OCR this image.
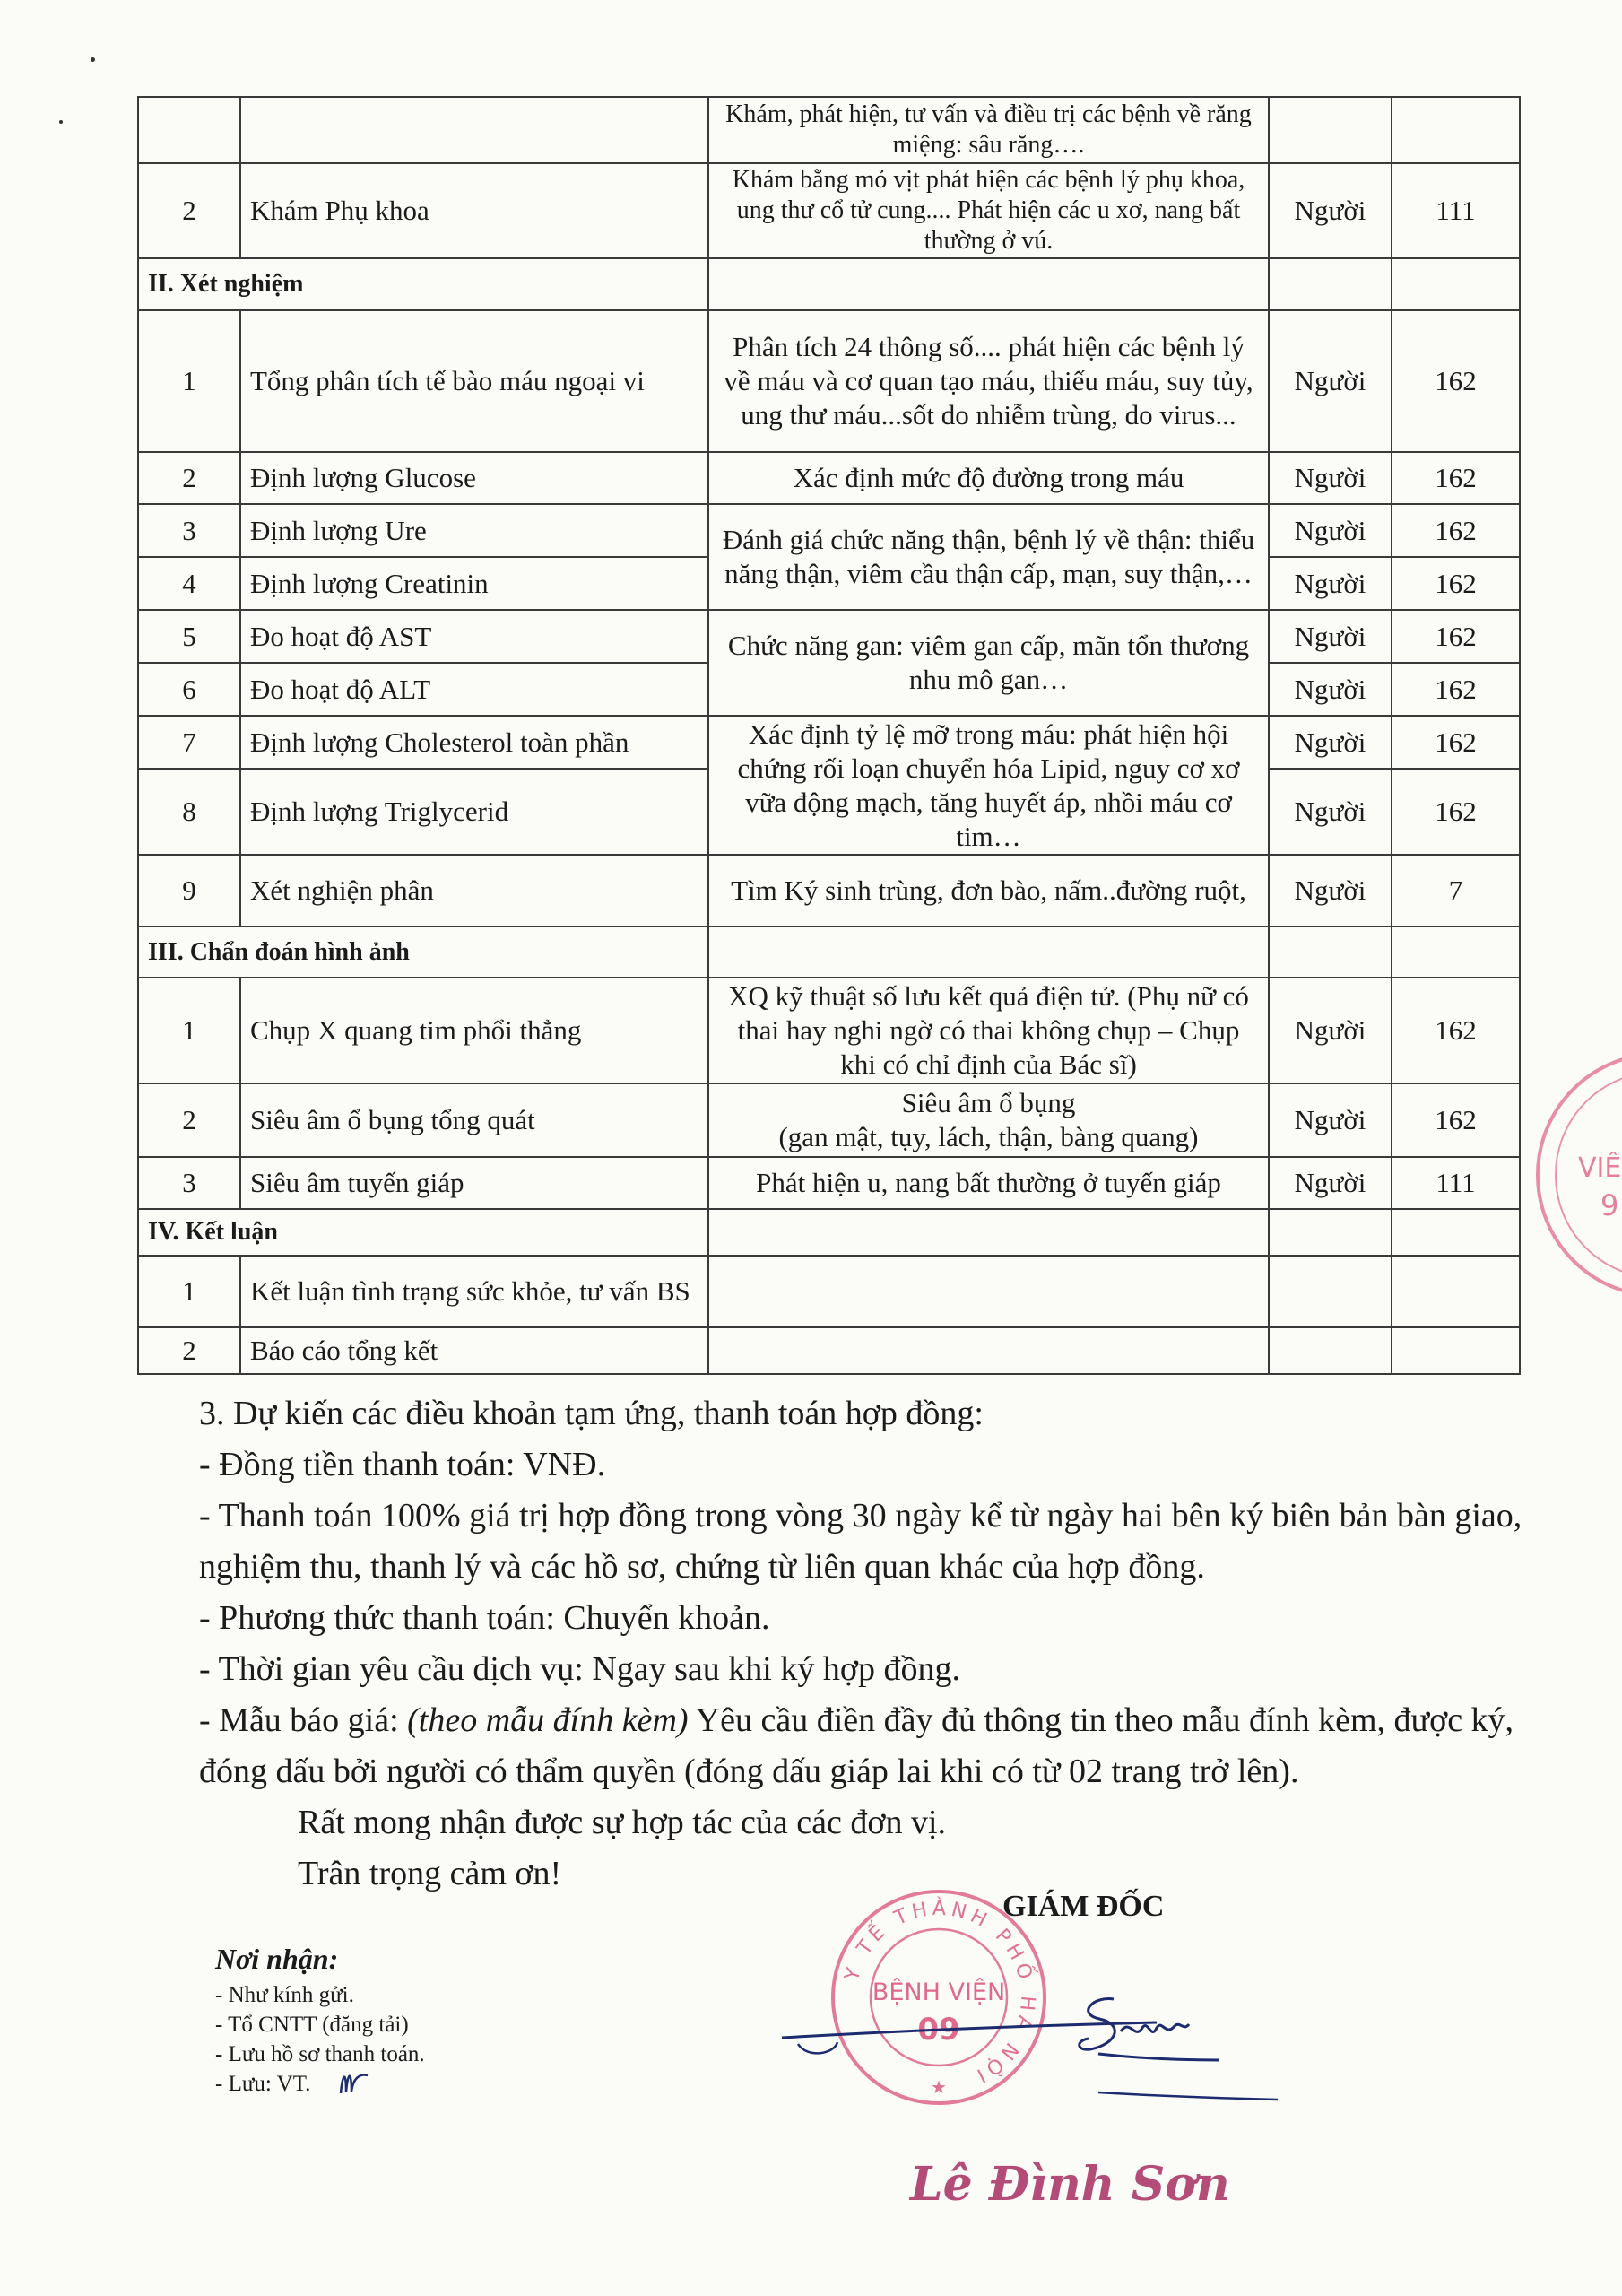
		Khám, phát hiện, tư vấn và điều trị các bệnh về răng miệng: sâu răng….		
2	Khám Phụ khoa	Khám bằng mỏ vịt phát hiện các bệnh lý phụ khoa, ung thư cổ tử cung.... Phát hiện các u xơ, nang bất thường ở vú.	Người	111
II. Xét nghiệm				
1	Tổng phân tích tế bào máu ngoại vi	Phân tích 24 thông số.... phát hiện các bệnh lý về máu và cơ quan tạo máu, thiếu máu, suy tủy, ung thư máu...sốt do nhiễm trùng, do virus...	Người	162
2	Định lượng Glucose	Xác định mức độ đường trong máu	Người	162
3	Định lượng Ure	Đánh giá chức năng thận, bệnh lý về thận: thiểu năng thận, viêm cầu thận cấp, mạn, suy thận,…	Người	162
4	Định lượng Creatinin		Người	162
5	Đo hoạt độ AST	Chức năng gan: viêm gan cấp, mãn tổn thương nhu mô gan…	Người	162
6	Đo hoạt độ ALT		Người	162
7	Định lượng Cholesterol toàn phần	Xác định tỷ lệ mỡ trong máu: phát hiện hội chứng rối loạn chuyển hóa Lipid, nguy cơ xơ vữa động mạch, tăng huyết áp, nhồi máu cơ tim…	Người	162
8	Định lượng Triglycerid		Người	162
9	Xét nghiện phân	Tìm Ký sinh trùng, đơn bào, nấm..đường ruột,	Người	7
III. Chẩn đoán hình ảnh				
1	Chụp X quang tim phổi thẳng	XQ kỹ thuật số lưu kết quả điện tử. (Phụ nữ có thai hay nghi ngờ có thai không chụp – Chụp khi có chỉ định của Bác sĩ)	Người	162
2	Siêu âm ổ bụng tổng quát	Siêu âm ổ bụng
(gan mật, tụy, lách, thận, bàng quang)	Người	162
3	Siêu âm tuyến giáp	Phát hiện u, nang bất thường ở tuyến giáp	Người	111
IV. Kết luận				
1	Kết luận tình trạng sức khỏe, tư vấn BS			
2	Báo cáo tổng kết			
VIÊ
9

3. Dự kiến các điều khoản tạm ứng, thanh toán hợp đồng:

- Đồng tiền thanh toán: VNĐ.

- Thanh toán 100% giá trị hợp đồng trong vòng 30 ngày kể từ ngày hai bên ký biên bản bàn giao, nghiệm thu, thanh lý và các hồ sơ, chứng từ liên quan khác của hợp đồng.

- Phương thức thanh toán: Chuyển khoản.

- Thời gian yêu cầu dịch vụ: Ngay sau khi ký hợp đồng.

- Mẫu báo giá: (theo mẫu đính kèm) Yêu cầu điền đầy đủ thông tin theo mẫu đính kèm, được ký, đóng dấu bởi người có thẩm quyền (đóng dấu giáp lai khi có từ 02 trang trở lên).

Rất mong nhận được sự hợp tác của các đơn vị.

Trân trọng cảm ơn!

Nơi nhận:
- Như kính gửi.
- Tổ CNTT (đăng tải)
- Lưu hồ sơ thanh toán.
- Lưu: VT.
Y TẾ THÀNH PHỐ HÀ NỘI
BỆNH VIỆN
09
★
GIÁM ĐỐC
Lê Đình Sơn
